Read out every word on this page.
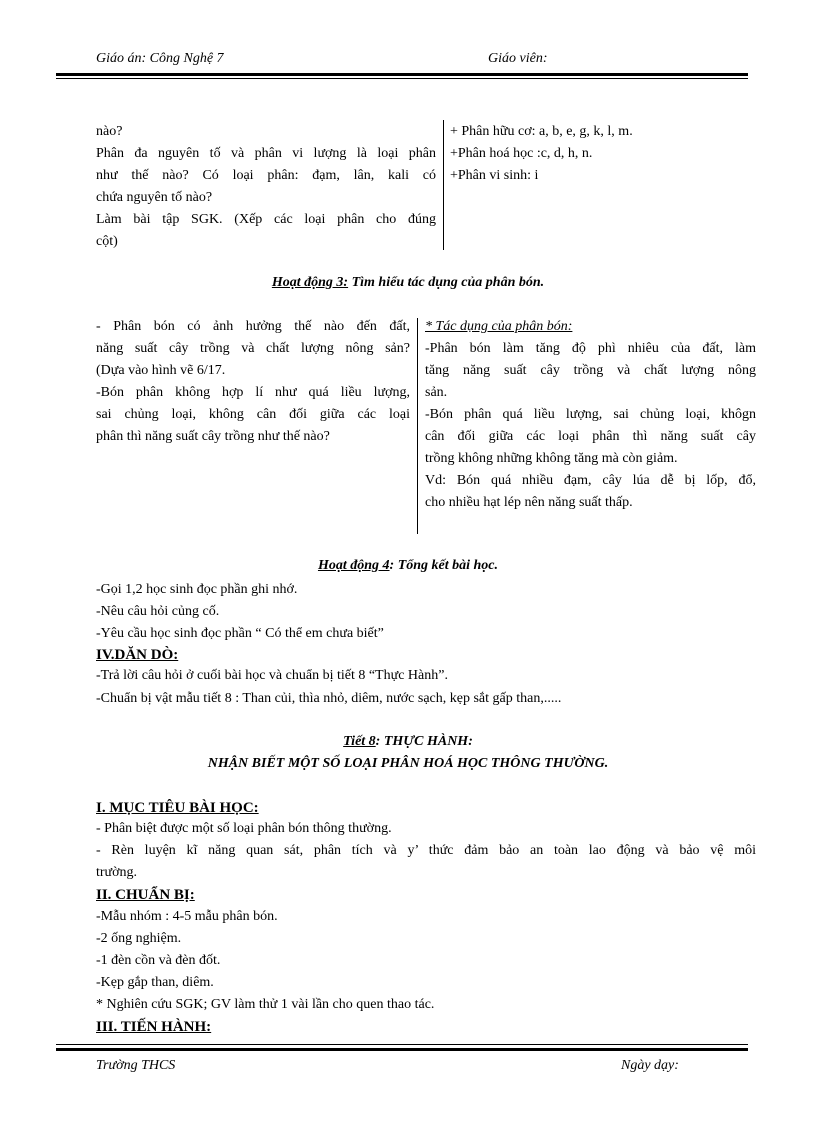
Giáo án: Công Nghệ 7	Giáo viên:
nào?
Phân đa nguyên tố và phân vi lượng là loại phân
như thế nào? Có loại phân: đạm, lân, kali có
chứa nguyên tố nào?
Làm bài tập SGK. (Xếp các loại phân cho đúng
cột)
+ Phân hữu cơ: a, b, e, g, k, l, m.
+Phân hoá học :c, d, h, n.
+Phân vi sinh: i
Hoạt động 3: Tìm hiểu tác dụng của phân bón.
- Phân bón có ảnh hưởng thế nào đến đất,
năng suất cây trồng và chất lượng nông sản?
(Dựa vào hình vẽ 6/17.
-Bón phân không hợp lí như quá liều lượng,
sai chủng loại, không cân đối giữa các loại
phân thì năng suất cây trồng như thế nào?
* Tác dụng của phân bón:
-Phân bón làm tăng độ phì nhiêu của đất, làm
tăng năng suất cây trồng và chất lượng nông
sản.
-Bón phân quá liều lượng, sai chủng loại, khôgn
cân đối giữa các loại phân thì năng suất cây
trồng không những không tăng mà còn giảm.
Vd: Bón quá nhiều đạm, cây lúa dễ bị lốp, đổ,
cho nhiều hạt lép nên năng suất thấp.
Hoạt động 4: Tổng kết bài học.
-Gọi 1,2 học sinh đọc phần ghi nhớ.
-Nêu câu hỏi củng cố.
-Yêu cầu học sinh đọc phần “ Có thể em chưa biết”
IV.DĂN DÒ:
-Trả lời câu hỏi ở cuối bài học và chuẩn bị tiết 8 “Thực Hành”.
-Chuẩn bị vật mẫu tiết 8 : Than củi, thìa nhỏ, diêm, nước sạch, kẹp sắt gấp than,.....
Tiết 8: THỰC HÀNH:
NHẬN BIẾT MỘT SỐ LOẠI PHÂN HOÁ HỌC THÔNG THƯỜNG.
I. MỤC TIÊU BÀI HỌC:
- Phân biệt được một số loại phân bón thông thường.
- Rèn luyện kĩ năng quan sát, phân tích và y’ thức đảm bảo an toàn lao động và bảo vệ môi
trường.
II. CHUẨN BỊ:
-Mẫu nhóm : 4-5 mẫu phân bón.
-2 ống nghiệm.
-1 đèn cồn và đèn đốt.
-Kẹp gắp than, diêm.
* Nghiên cứu SGK; GV làm thử 1 vài lần cho quen thao tác.
III. TIẾN HÀNH:
Trường THCS	Ngày dạy:
